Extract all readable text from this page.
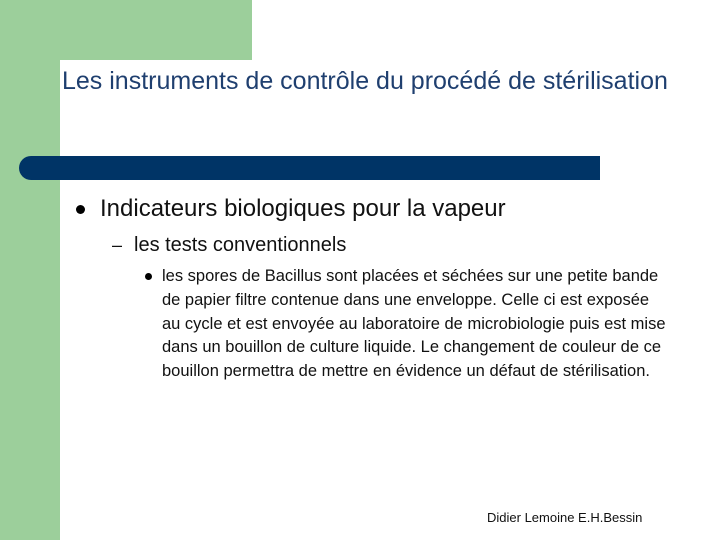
Les instruments de contrôle du procédé de stérilisation
Indicateurs biologiques pour la vapeur
– les tests conventionnels
les spores de Bacillus sont placées et séchées sur une petite bande de papier filtre contenue dans une enveloppe. Celle ci est exposée au cycle et est envoyée au laboratoire de microbiologie puis est mise dans un bouillon de culture liquide. Le changement de couleur de ce bouillon permettra de mettre en évidence un défaut de stérilisation.
Didier Lemoine E.H.Bessin
